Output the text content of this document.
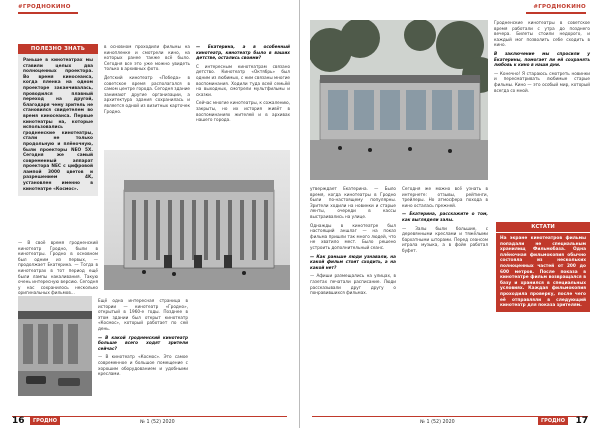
#ГРОДНОКИНО
ПОЛЕЗНО ЗНАТЬ
Раньше в кинотеатрах мы ставили целых два полноценных проектора. Во время киносеанса, когда пленка на одном проекторе заканчивалась, проводился плавный переход на другой, благодаря чему зритель не становился свидетелем во время киносеанса. Первые кинотеатры на, которые использовались гродненские кинотеатры, стали не только продольную и плёночную, были проекторы NEO 5X. Сегодня же самый современный аппарат проектора NEC с цифровой лампой 3000 цветов и разрешением 4K, установлен именно в кинотеатре «Космос».

— В своё время гродненский кинотеатр Гродно, были в кинотеатры. Гродно в основном был одним из первых, — продолжает Екатерина. — Тогда в кинотеатрах в тот период ещё были лампы накаливания. Такую очень интересную версию. Сегодня у нас сохранилось несколько оригинальных фильмов...

в основном проходили фильмы на кинопленке и смотрели кино, на которых ранее также всё было. Сегодня все это уже можно увидеть только в архивных фото.

Детский кинотеатр «Победа» в советское время располагался в самом центре города. Сегодня здание занимают другие организации, а архитектура здания сохранилась и является одной из визитных карточек Гродно.

Ещё одна интересная страница в истории — кинотеатр «Гродно», открытый в 1960-е годы. Позднее в этом здании был открыт кинотеатр «Космос», который работает по сей день.

— В какой гродненский кинотеатр больше всего ходят зрители сейчас?

— В кинотеатр «Космос». Это самое современное и большое помещение с хорошим оборудованием и удобными креслами.

— Екатерина, а в особенный кинотеатр, кинотеатр было в ваших детстве, остались своими?

С интересным кинотеатрам связано детство. Кинотеатр «Октябрь» был одним из любимых, с ним связаны многие воспоминания. Ходили туда всей семьёй на выходных, смотрели мультфильмы и сказки.

Сейчас многие кинотеатры, к сожалению, закрыты, но их история живёт в воспоминаниях жителей и в архивах нашего города.

16	ГРОДНО	№ 1 (52) 2020
#ГРОДНОКИНО

Гродненские кинотеатры в советское время работали с утра до позднего вечера. Билеты стоили недорого, и каждый мог позволить себе сходить в кино.

В заключение мы спросили у Екатерины, помогает ли ей сохранять любовь к кино в наши дни.

— Конечно! Я стараюсь смотреть новинки и пересматривать любимые старые фильмы. Кино — это особый мир, который всегда со мной.

утверждает Екатерина. — Было время, когда кинотеатры в Гродно были по-настоящему популярны. Зрители ходили на новинки и старые ленты, очереди в кассы выстраивались на улице.

Однажды в кинотеатре был настоящий аншлаг — на показ фильма пришли так много людей, что не хватило мест. Было решено устроить дополнительный сеанс.

— Как раньше люди узнавали, на какой фильм стоит сходить, а на какой нет?

— Афиши размещались на улицах, в газетах печатали расписание. Люди рассказывали друг другу о понравившихся фильмах.

Сегодня же можно всё узнать в интернете: отзывы, рейтинги, трейлеры. Но атмосфера похода в кино осталась прежней.

— Екатерина, расскажите о том, как выглядели залы.

— Залы были большие, с деревянными креслами и тяжёлыми бархатными шторами. Перед сеансом играла музыка, а в фойе работал буфет.

КСТАТИ
На экране кинотеатров фильмы попадали не специальным хранилищ Фильмобаза. Одна плёночная фильмокопия обычно состояла из нескольких полноценных частей от 200 до 600 метров. После показа в кинотеатре фильм возвращался в базу и хранился в специальных условиях. Каждая фильмокопия проходила проверку, после чего её отправляли в следующий кинотеатр для показа зрителям.
№ 1 (52) 2020	ГРОДНО	17
